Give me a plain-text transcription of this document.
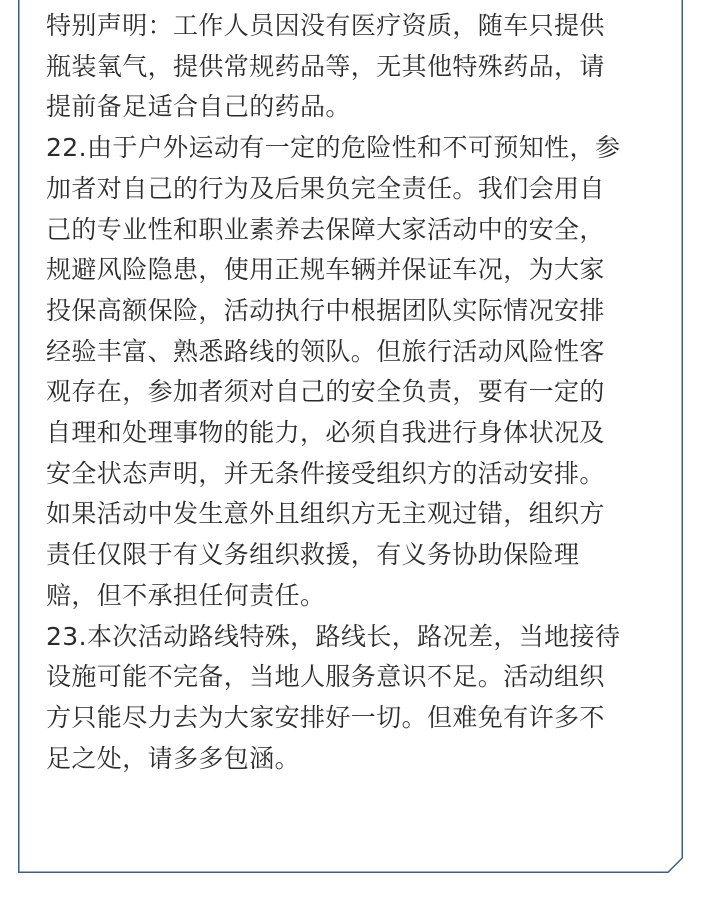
特别声明：工作人员因没有医疗资质，随车只提供

瓶装氧气，提供常规药品等，无其他特殊药品，请

提前备足适合自己的药品。

22.由于户外运动有一定的危险性和不可预知性，参

加者对自己的行为及后果负完全责任。我们会用自

己的专业性和职业素养去保障大家活动中的安全，

规避风险隐患，使用正规车辆并保证车况，为大家

投保高额保险，活动执行中根据团队实际情况安排

经验丰富、熟悉路线的领队。但旅行活动风险性客

观存在，参加者须对自己的安全负责，要有一定的

自理和处理事物的能力，必须自我进行身体状况及

安全状态声明，并无条件接受组织方的活动安排。

如果活动中发生意外且组织方无主观过错，组织方

责任仅限于有义务组织救援，有义务协助保险理

赔，但不承担任何责任。

23.本次活动路线特殊，路线长，路况差，当地接待

设施可能不完备，当地人服务意识不足。活动组织

方只能尽力去为大家安排好一切。但难免有许多不

足之处，请多多包涵。
